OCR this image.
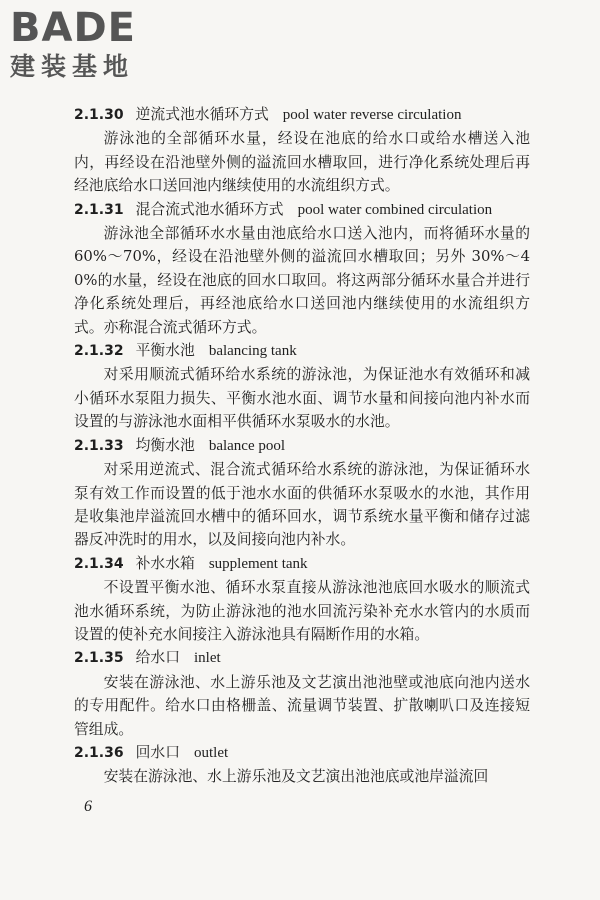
BADE
建装基地

2.1.30 逆流式池水循环方式 pool water reverse circulation

游泳池的全部循环水量，经设在池底的给水口或给水槽送入池内，再经设在沿池壁外侧的溢流回水槽取回，进行净化系统处理后再经池底给水口送回池内继续使用的水流组织方式。

2.1.31 混合流式池水循环方式 pool water combined circulation

游泳池全部循环水水量由池底给水口送入池内，而将循环水量的 60%～70%，经设在沿池壁外侧的溢流回水槽取回；另外 30%～40%的水量，经设在池底的回水口取回。将这两部分循环水量合并进行净化系统处理后，再经池底给水口送回池内继续使用的水流组织方式。亦称混合流式循环方式。

2.1.32 平衡水池 balancing tank

对采用顺流式循环给水系统的游泳池，为保证池水有效循环和减小循环水泵阻力损失、平衡水池水面、调节水量和间接向池内补水而设置的与游泳池水面相平供循环水泵吸水的水池。

2.1.33 均衡水池 balance pool

对采用逆流式、混合流式循环给水系统的游泳池，为保证循环水泵有效工作而设置的低于池水水面的供循环水泵吸水的水池，其作用是收集池岸溢流回水槽中的循环回水，调节系统水量平衡和储存过滤器反冲洗时的用水，以及间接向池内补水。

2.1.34 补水水箱 supplement tank

不设置平衡水池、循环水泵直接从游泳池池底回水吸水的顺流式池水循环系统，为防止游泳池的池水回流污染补充水水管内的水质而设置的使补充水间接注入游泳池具有隔断作用的水箱。

2.1.35 给水口 inlet

安装在游泳池、水上游乐池及文艺演出池池壁或池底向池内送水的专用配件。给水口由格栅盖、流量调节装置、扩散喇叭口及连接短管组成。

2.1.36 回水口 outlet

安装在游泳池、水上游乐池及文艺演出池池底或池岸溢流回

6
